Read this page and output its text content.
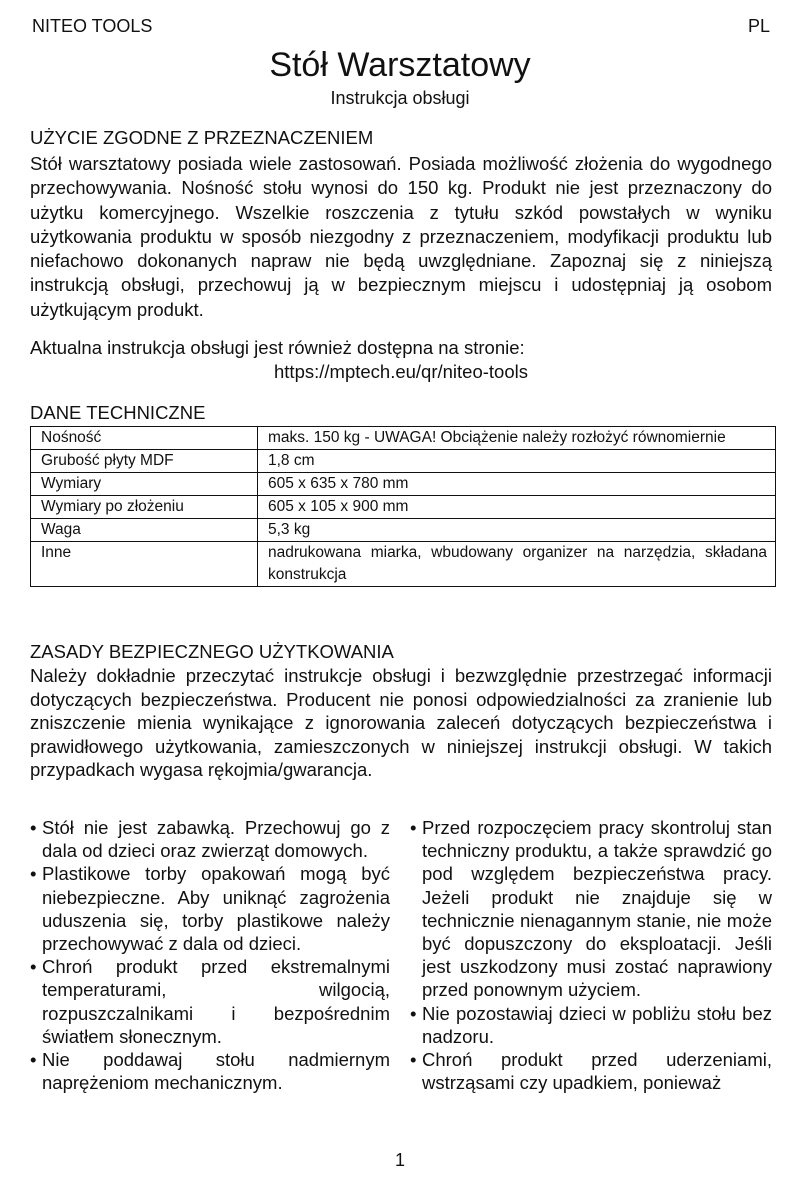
NITEO TOOLS	PL
Stół Warsztatowy
Instrukcja obsługi
UŻYCIE ZGODNE Z PRZEZNACZENIEM

Stół warsztatowy posiada wiele zastosowań. Posiada możliwość złożenia do wygodnego przechowywania. Nośność stołu wynosi do 150 kg. Produkt nie jest przeznaczony do użytku komercyjnego. Wszelkie roszczenia z tytułu szkód powstałych w wyniku użytkowania produktu w sposób niezgodny z przeznaczeniem, modyfikacji produktu lub niefachowo dokonanych napraw nie będą uwzględniane. Zapoznaj się z niniejszą instrukcją obsługi, przechowuj ją w bezpiecznym miejscu i udostępniaj ją osobom użytkującym produkt.

Aktualna instrukcja obsługi jest również dostępna na stronie:
https://mptech.eu/qr/niteo-tools
DANE TECHNICZNE
Nośność	maks. 150 kg - UWAGA! Obciążenie należy rozłożyć równomiernie
Grubość płyty MDF	1,8 cm
Wymiary	605 x 635 x 780 mm
Wymiary po złożeniu	605 x 105 x 900 mm
Waga	5,3 kg
Inne	nadrukowana miarka, wbudowany organizer na narzędzia, składana konstrukcja
ZASADY BEZPIECZNEGO UŻYTKOWANIA

Należy dokładnie przeczytać instrukcje obsługi i bezwzględnie przestrzegać informacji dotyczących bezpieczeństwa. Producent nie ponosi odpowiedzialności za zranienie lub zniszczenie mienia wynikające z ignorowania zaleceń dotyczących bezpieczeństwa i prawidłowego użytkowania, zamieszczonych w niniejszej instrukcji obsługi. W takich przypadkach wygasa rękojmia/gwarancja.

• Stół nie jest zabawką. Przechowuj go z dala od dzieci oraz zwierząt domowych.
• Plastikowe torby opakowań mogą być niebezpieczne. Aby uniknąć zagrożenia uduszenia się, torby plastikowe należy przechowywać z dala od dzieci.
• Chroń produkt przed ekstremalnymi temperaturami, wilgocią, rozpuszczalnikami i bezpośrednim światłem słonecznym.
• Nie poddawaj stołu nadmiernym naprężeniom mechanicznym.
• Przed rozpoczęciem pracy skontroluj stan techniczny produktu, a także sprawdzić go pod względem bezpieczeństwa pracy. Jeżeli produkt nie znajduje się w technicznie nienagannym stanie, nie może być dopuszczony do eksploatacji. Jeśli jest uszkodzony musi zostać naprawiony przed ponownym użyciem.
• Nie pozostawiaj dzieci w pobliżu stołu bez nadzoru.
• Chroń produkt przed uderzeniami, wstrząsami czy upadkiem, ponieważ
1
